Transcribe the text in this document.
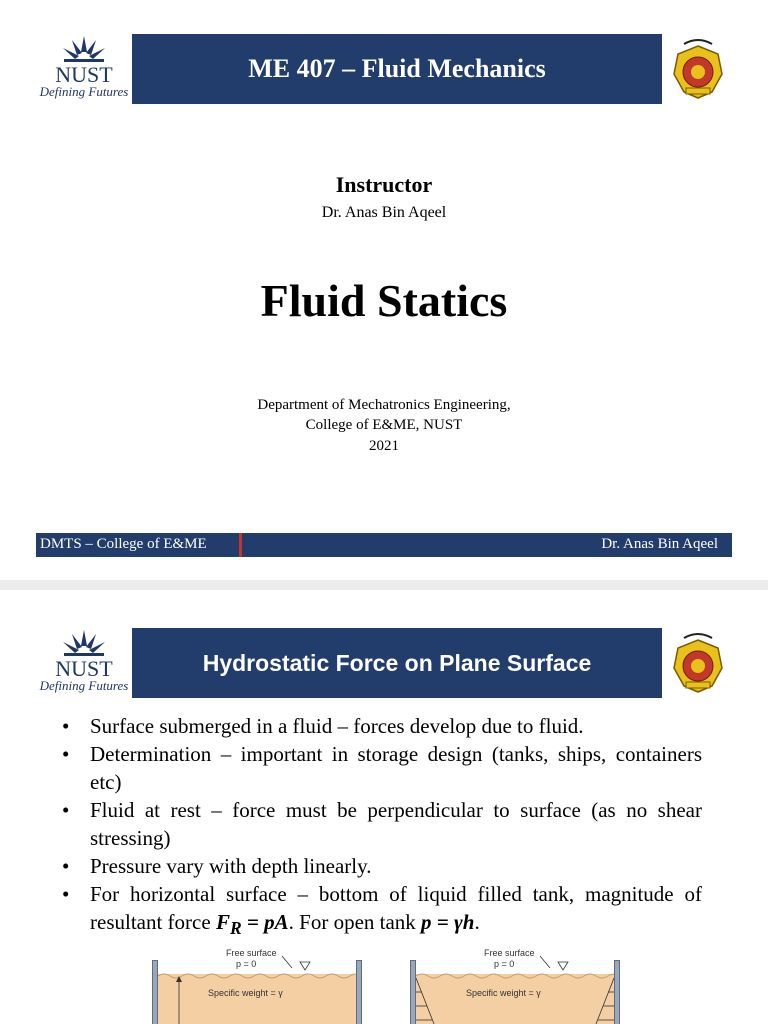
NUST
Defining Futures
ME 407 – Fluid Mechanics
Instructor
Dr. Anas Bin Aqeel
Fluid Statics
Department of Mechatronics Engineering,
College of E&ME, NUST
2021
DMTS – College of E&ME	Dr. Anas Bin Aqeel
NUST
Defining Futures
Hydrostatic Force on Plane Surface
• Surface submerged in a fluid – forces develop due to fluid.
• Determination – important in storage design (tanks, ships, containers etc)
• Fluid at rest – force must be perpendicular to surface (as no shear stressing)
• Pressure vary with depth linearly.
• For horizontal surface – bottom of liquid filled tank, magnitude of resultant force $F_R$ = pA. For open tank p = γh.
Free surface
p = 0
Specific weight = γ
Free surface
p = 0
Specific weight = γ
